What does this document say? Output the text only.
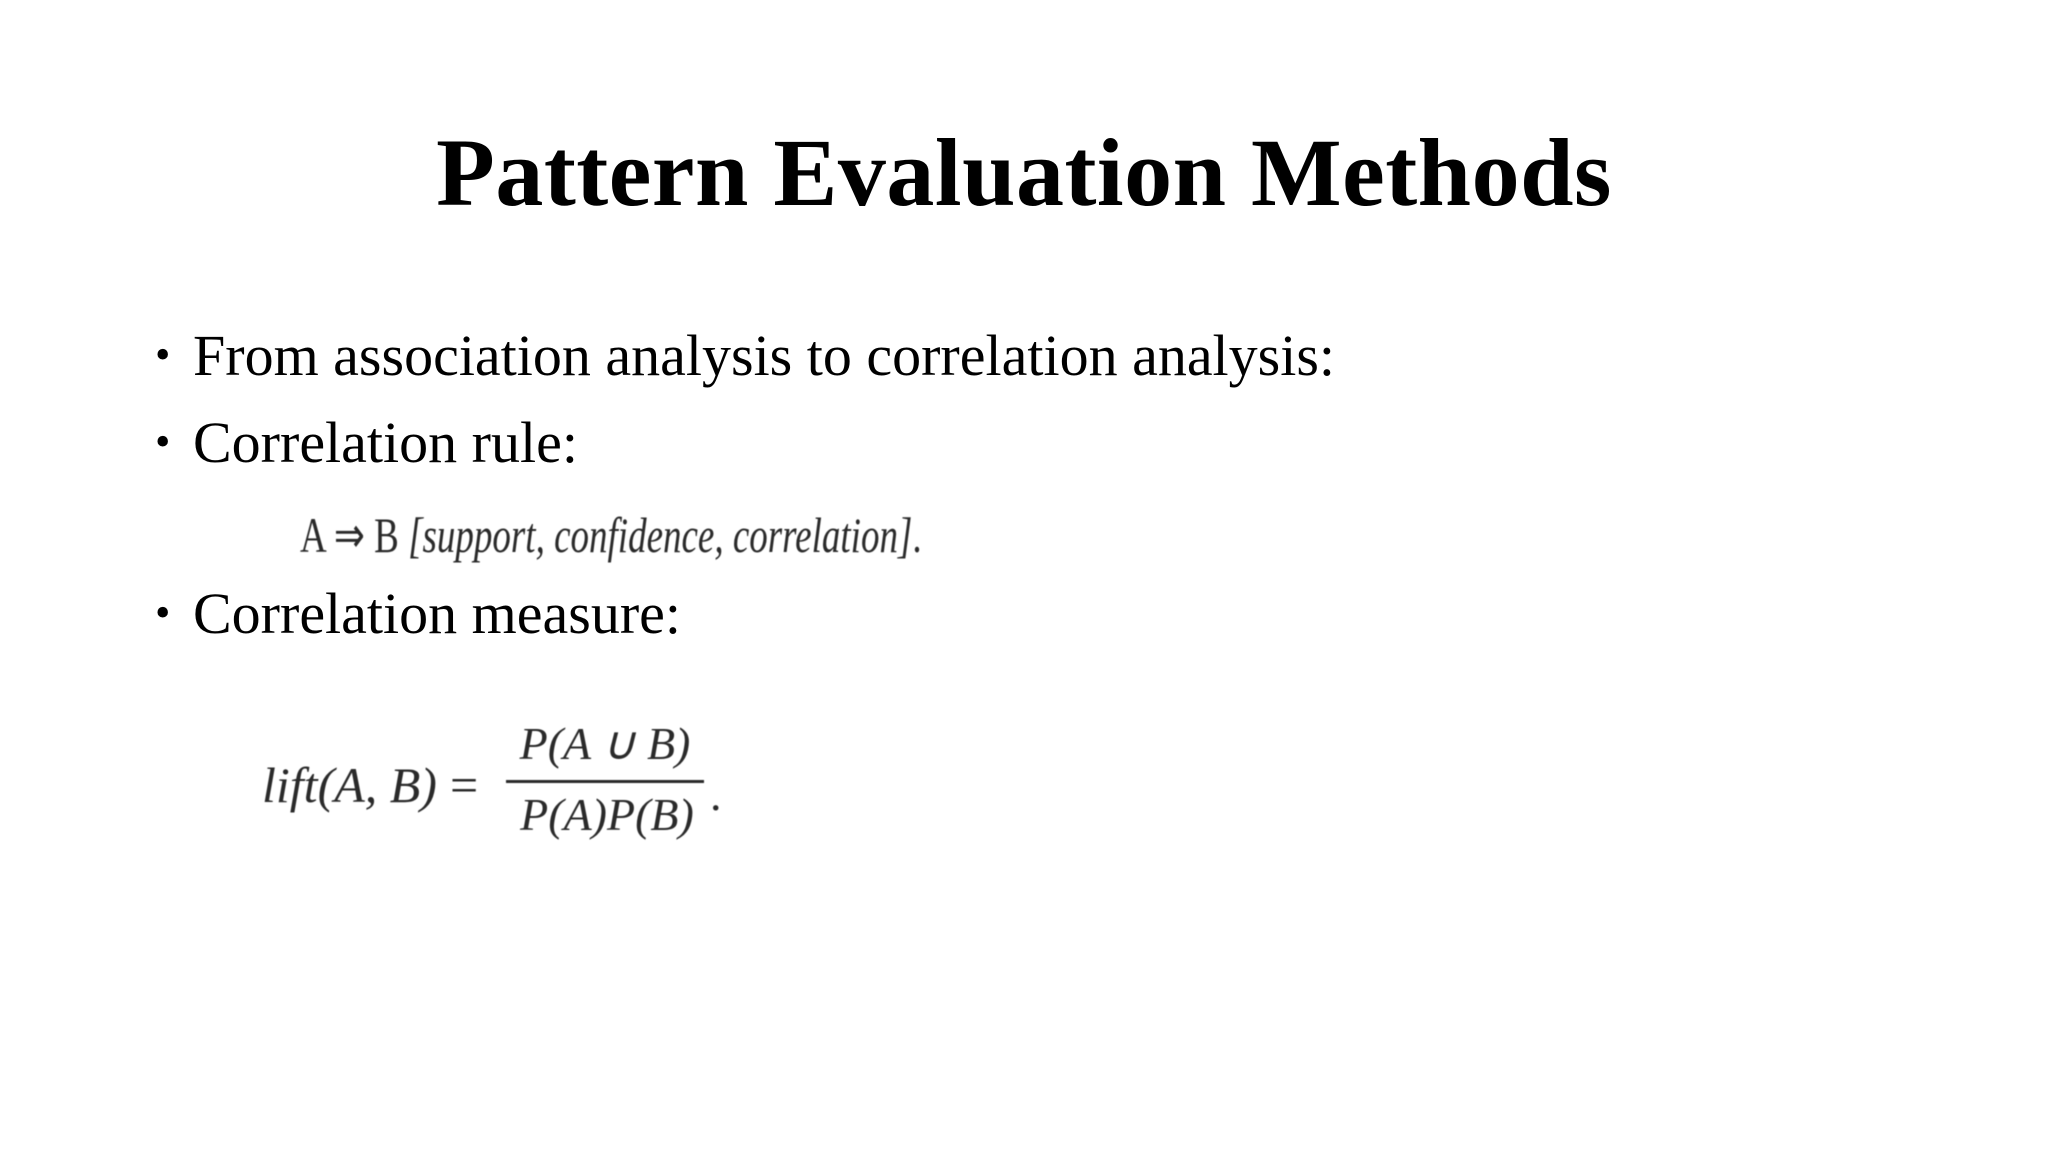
Pattern Evaluation Methods
• From association analysis to correlation analysis:
• Correlation rule:
A ⇒ B [support, confidence, correlation].
• Correlation measure:
lift(A, B) =
P(A ∪ B)
P(A)P(B) .
